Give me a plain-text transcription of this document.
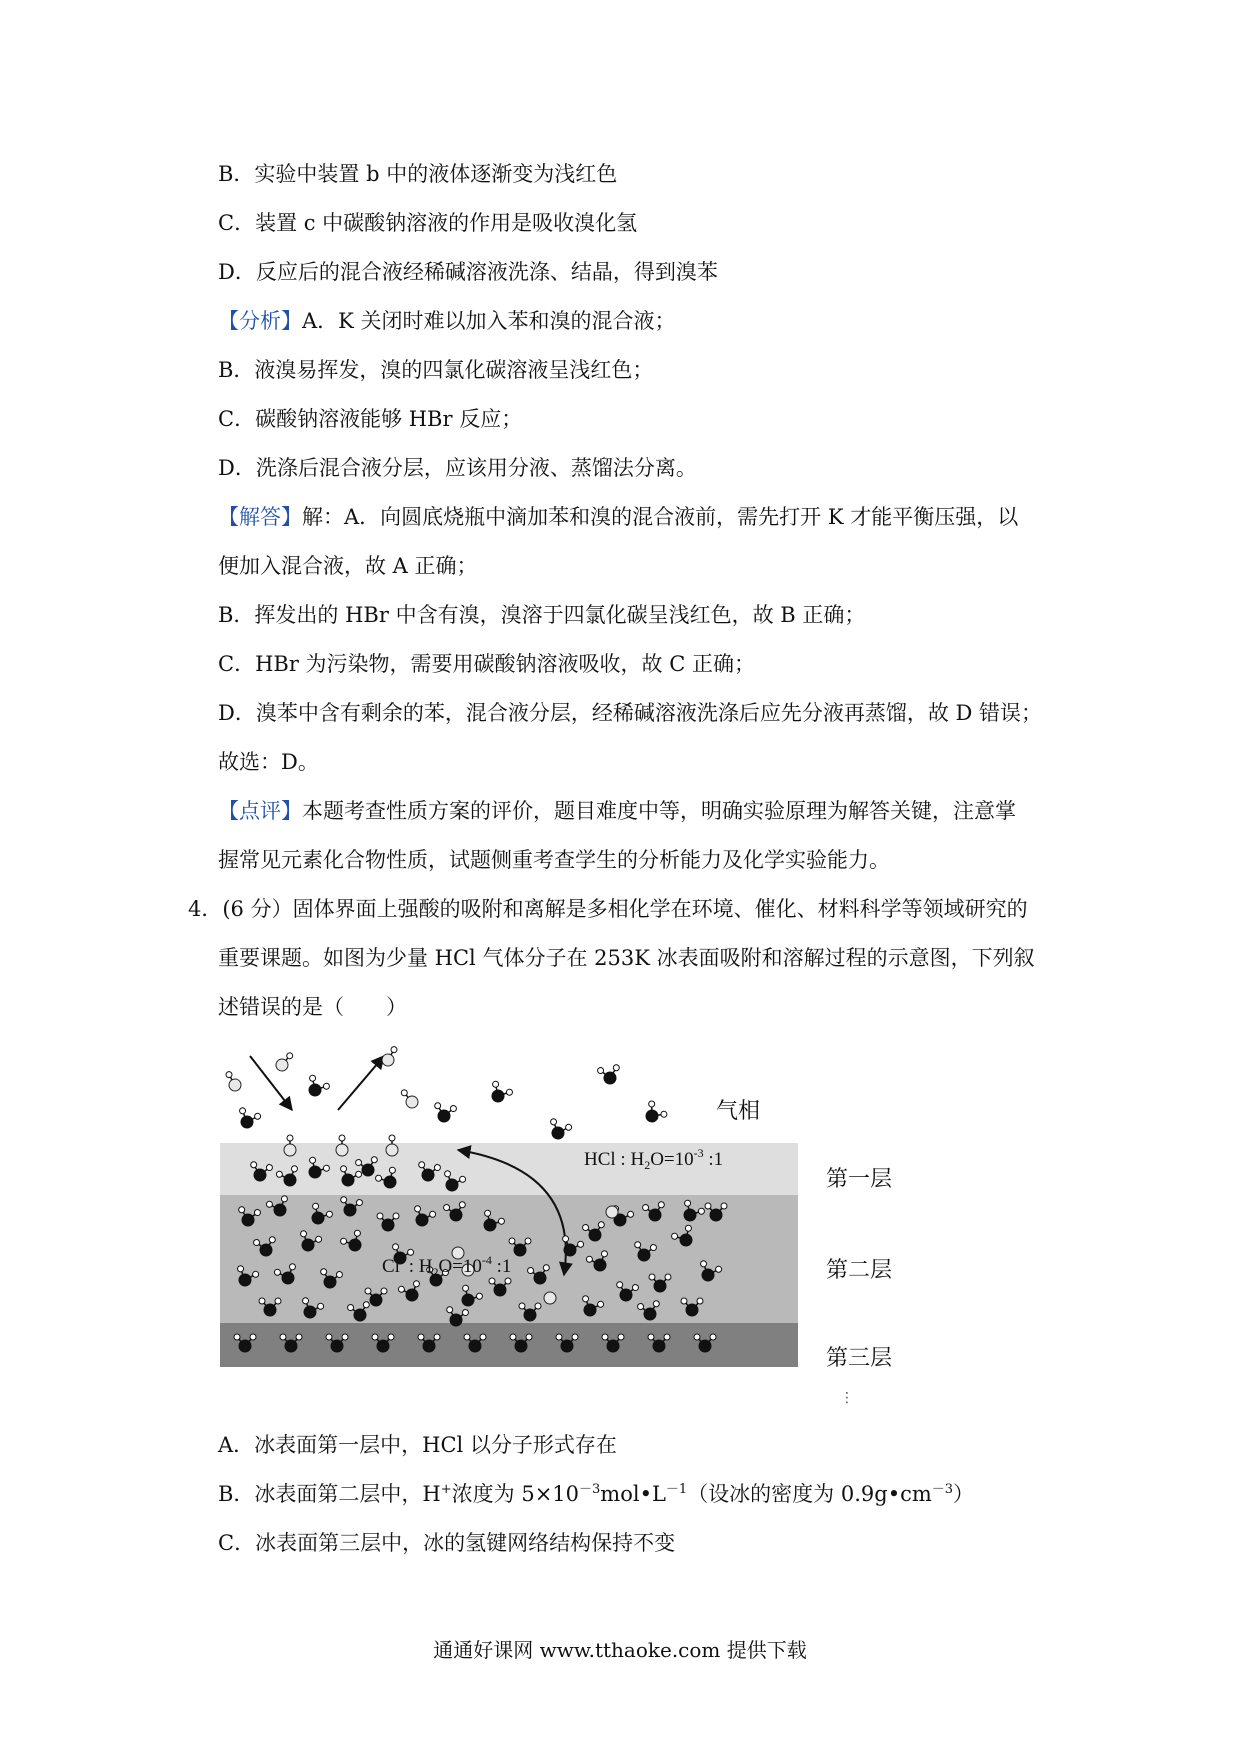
B．实验中装置 b 中的液体逐渐变为浅红色
C．装置 c 中碳酸钠溶液的作用是吸收溴化氢
D．反应后的混合液经稀碱溶液洗涤、结晶，得到溴苯
【分析】A．K 关闭时难以加入苯和溴的混合液；
B．液溴易挥发，溴的四氯化碳溶液呈浅红色；
C．碳酸钠溶液能够 HBr 反应；
D．洗涤后混合液分层，应该用分液、蒸馏法分离。
【解答】解：A．向圆底烧瓶中滴加苯和溴的混合液前，需先打开 K 才能平衡压强，以
便加入混合液，故 A 正确；
B．挥发出的 HBr 中含有溴，溴溶于四氯化碳呈浅红色，故 B 正确；
C．HBr 为污染物，需要用碳酸钠溶液吸收，故 C 正确；
D．溴苯中含有剩余的苯，混合液分层，经稀碱溶液洗涤后应先分液再蒸馏，故 D 错误；
故选：D。
【点评】本题考查性质方案的评价，题目难度中等，明确实验原理为解答关键，注意掌
握常见元素化合物性质，试题侧重考查学生的分析能力及化学实验能力。
4．(6 分）固体界面上强酸的吸附和离解是多相化学在环境、催化、材料科学等领域研究的
重要课题。如图为少量 HCl 气体分子在 253K 冰表面吸附和溶解过程的示意图，下列叙
述错误的是（　　）
气相
第一层
第二层
第三层
HCl : $H_2O=10^{-3}$ :1
Cl- : $H_2O=10^{-4}$ :1
⋮
A．冰表面第一层中，HCl 以分子形式存在
B．冰表面第二层中，H+浓度为 $5\times 10^{-3}mol•L^{-1}$（设冰的密度为 $0.9g•cm^{-3}$）
C．冰表面第三层中，冰的氢键网络结构保持不变
通通好课网 www.tthaoke.com 提供下载
